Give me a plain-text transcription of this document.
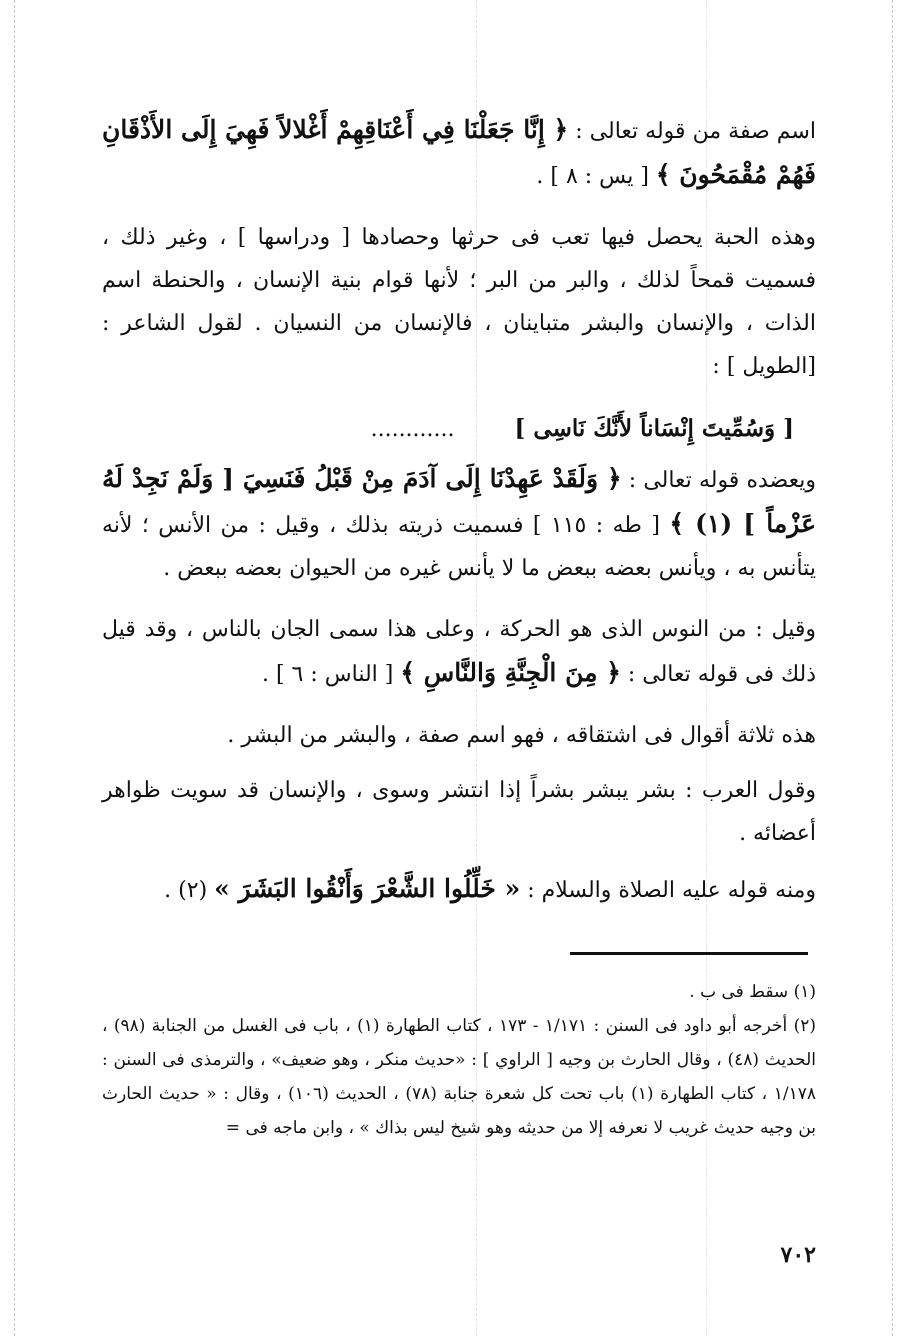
اسم صفة من قوله تعالى : ﴿ إِنَّا جَعَلْنَا فِي أَعْنَاقِهِمْ أَغْلالاً فَهِيَ إِلَى الأَذْقَانِ فَهُمْ مُقْمَحُونَ ﴾ [ يس : ٨ ] .

وهذه الحبة يحصل فيها تعب فى حرثها وحصادها [ ودراسها ] ، وغير ذلك ، فسميت قمحاً لذلك ، والبر من البر ؛ لأنها قوام بنية الإنسان ، والحنطة اسم الذات ، والإنسان والبشر متباينان ، فالإنسان من النسيان . لقول الشاعر : [الطويل ] :

[ وَسُمِّيتَ إِنْسَاناً لأَنَّكَ نَاسِى ]............

ويعضده قوله تعالى : ﴿ وَلَقَدْ عَهِدْنَا إِلَى آدَمَ مِنْ قَبْلُ فَنَسِيَ [ وَلَمْ نَجِدْ لَهُ عَزْماً ] (١) ﴾ [ طه : ١١٥ ] فسميت ذريته بذلك ، وقيل : من الأنس ؛ لأنه يتأنس به ، ويأنس بعضه ببعض ما لا يأنس غيره من الحيوان بعضه ببعض .

وقيل : من النوس الذى هو الحركة ، وعلى هذا سمى الجان بالناس ، وقد قيل ذلك فى قوله تعالى : ﴿ مِنَ الْجِنَّةِ وَالنَّاسِ ﴾ [ الناس : ٦ ] .

هذه ثلاثة أقوال فى اشتقاقه ، فهو اسم صفة ، والبشر من البشر .

وقول العرب : بشر يبشر بشراً إذا انتشر وسوى ، والإنسان قد سويت ظواهر أعضائه .

ومنه قوله عليه الصلاة والسلام : « خَلِّلُوا الشَّعْرَ وَأَنْقُوا البَشَرَ » (٢) .

(١) سقط فى ب .

(٢) أخرجه أبو داود فى السنن : ١/١٧١ - ١٧٣ ، كتاب الطهارة (١) ، باب فى الغسل من الجنابة (٩٨) ، الحديث (٤٨) ، وقال الحارث بن وجيه [ الراوي ] : «حديث منكر ، وهو ضعيف» ، والترمذى فى السنن : ١/١٧٨ ، كتاب الطهارة (١) باب تحت كل شعرة جنابة (٧٨) ، الحديث (١٠٦) ، وقال : « حديث الحارث بن وجيه حديث غريب لا نعرفه إلا من حديثه وهو شيخ ليس بذاك » ، وابن ماجه فى =

٧٠٢
